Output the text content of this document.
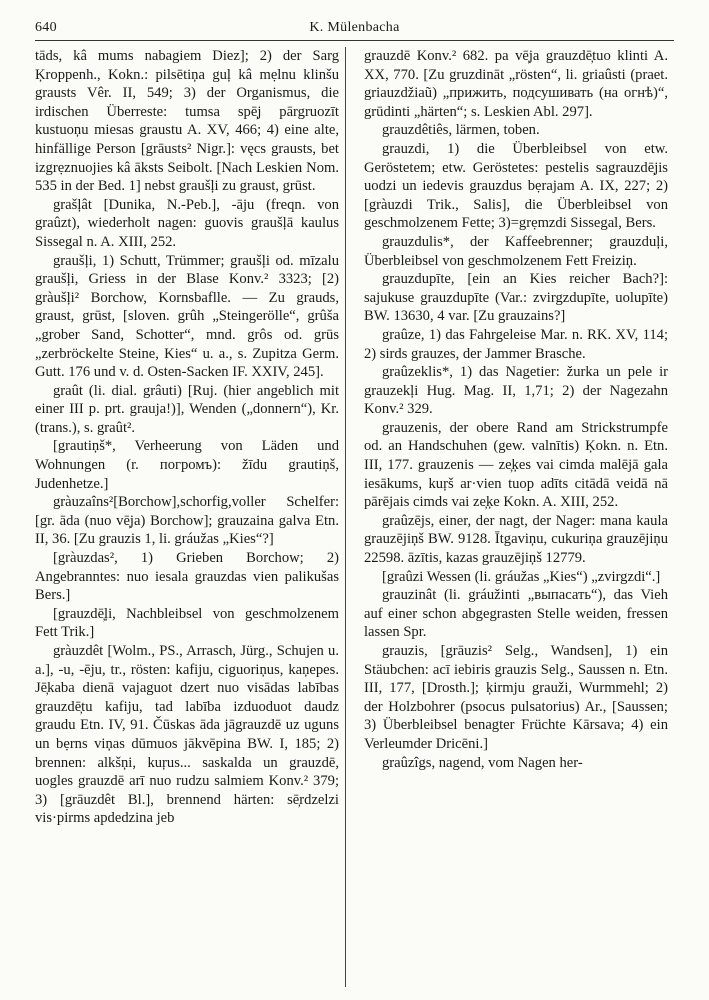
640	K. Mülenbacha

tāds, kâ mums nabagiem Diez]; 2) der Sarg Ķroppenh., Kokn.: pilsētiņa guļ kâ mẹlnu klinšu grausts Vêr. II, 549; 3) der Organismus, die irdischen Überreste: tumsa spē̦j pārgruozīt kustuoņu miesas graustu A. XV, 466; 4) eine alte, hinfällige Person [grāusts² Nigr.]: vęcs grausts, bet izgrẹznuojies kâ āksts Seibolt. [Nach Leskien Nom. 535 in der Bed. 1] nebst graušļi zu graust, grūst.

grašļât [Dunika, N.-Peb.], -āju (freqn. von graûzt), wiederholt nagen: guovis graušļā kaulus Sissegal n. A. XIII, 252.

graušļi, 1) Schutt, Trümmer; graušļi od. mīzalu graušļi, Griess in der Blase Konv.² 3323; [2) gràušļi² Borchow, Kornsbaflle. — Zu grauds, graust, grūst, [sloven. grûh „Steingerölle“, grûša „grober Sand, Schotter“, mnd. grôs od. grūs „zerbröckelte Steine, Kies“ u. a., s. Zupitza Germ. Gutt. 176 und v. d. Osten-Sacken IF. XXIV, 245].

graût (li. dial. grâuti) [Ruj. (hier angeblich mit einer III p. prt. grauja!)], Wenden („donnern“), Kr. (trans.), s. graût².

[grautiņš*, Verheerung von Läden und Wohnungen (r. погромъ): žīdu grautiņš, Judenhetze.]

gràuzaîns²[Borchow],schorfig,voller Schelfer: [gr. āda (nuo vē̦ja) Borchow]; grauzaina galva Etn. II, 36. [Zu grauzis 1, li. gráužas „Kies“?]

[gràuzdas², 1) Grieben Borchow; 2) Angebranntes: nuo iesala grauzdas vien palikušas Bers.]

[grauzdē̦ļi, Nachbleibsel von geschmolzenem Fett Trik.]

gràuzdêt [Wolm., PS., Arrasch, Jürg., Schujen u. a.], -u, -ēju, tr., rösten: kafiju, ciguoriņus, kaņepes. Jē̦kaba dienā vajaguot dzert nuo visādas labības grauzdē̦tu kafiju, tad labība izduoduot daudz graudu Etn. IV, 91. Čūskas āda jāgrauzdē uz uguns un bẹrns viņas dūmuos jākvēpina BW. I, 185; 2) brennen: alkšņi, kuŗus... saskalda un grauzdē, uogles grauzdē arī nuo rudzu salmiem Konv.² 379; 3) [grāuzdêt Bl.], brennend härten: sē̦rdzelzi vis·pirms apdedzina jeb

grauzdē Konv.² 682. pa vē̦ja grauzdē̦tuo klinti A. XX, 770. [Zu gruzdināt „rösten“, li. griaûsti (praet. griauzdžiaũ) „прижить, подсушивать (на огнѣ)“, grūdinti „härten“; s. Leskien Abl. 297].

grauzdêtiês, lärmen, toben.

grauzdi, 1) die Überbleibsel von etw. Geröstetem; etw. Geröstetes: pestelis sagrauzdē̦jis uodzi un iedevis grauzdus bẹrajam A. IX, 227; 2) [gràuzdi Trik., Salis], die Überbleibsel von geschmolzenem Fette; 3)=grẹmzdi Sissegal, Bers.

grauzdulis*, der Kaffeebrenner; grauzduļi, Überbleibsel von geschmolzenem Fett Freiziņ.

grauzdupīte, [ein an Kies reicher Bach?]: sajukuse grauzdupīte (Var.: zvirgzdupīte, uolupīte) BW. 13630, 4 var. [Zu grauzains?]

graûze, 1) das Fahrgeleise Mar. n. RK. XV, 114; 2) sirds grauzes, der Jammer Brasche.

graûzeklis*, 1) das Nagetier: žurka un pele ir grauzekļi Hug. Mag. II, 1,71; 2) der Nagezahn Konv.² 329.

grauzenis, der obere Rand am Strickstrumpfe od. an Handschuhen (gew. valnītis) Ķokn. n. Etn. III, 177. grauzenis — ze̦ķes vai cimda malējā gala iesākums, kuŗš ar·vien tuop adīts citādā veidā nā pārējais cimds vai ze̦ķe Kokn. A. XIII, 252.

graûzējs, einer, der nagt, der Nager: mana kaula grauzējiņš BW. 9128. Ītgaviņu, cukuriņa grauzējiņu 22598. āzītis, kazas grauzējiņš 12779.

[graûzi Wessen (li. gráužas „Kies“) „zvirgzdi“.]

grauzinât (li. gráužinti „выпасать“), das Vieh auf einer schon abgegrasten Stelle weiden, fressen lassen Spr.

grauzis, [grāuzis² Selg., Wandsen], 1) ein Stäubchen: acī iebiris grauzis Selg., Saussen n. Etn. III, 177, [Drosth.]; ķirmju grauži, Wurmmehl; 2) der Holzbohrer (psocus pulsatorius) Ar., [Saussen; 3) Überbleibsel benagter Früchte Kārsava; 4) ein Verleumder Dricēni.]

graûzîgs, nagend, vom Nagen her-
